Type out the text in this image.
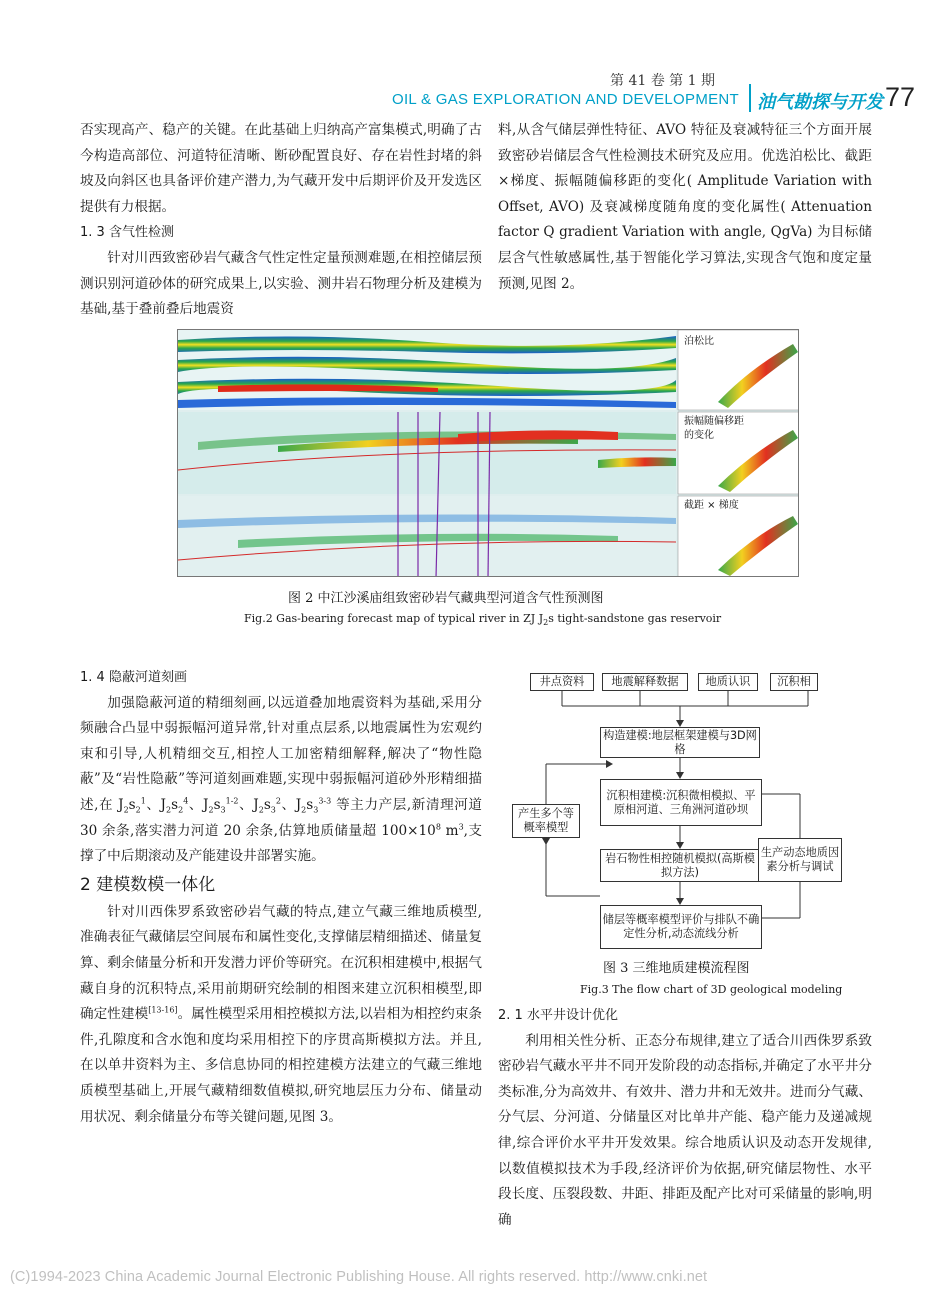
第 41 卷 第 1 期
OIL & GAS EXPLORATION AND DEVELOPMENT 油气勘探与开发 77

否实现高产、稳产的关键。在此基础上归纳高产富集模式,明确了古今构造高部位、河道特征清晰、断砂配置良好、存在岩性封堵的斜坡及向斜区也具备评价建产潜力,为气藏开发中后期评价及开发选区提供有力根据。

1. 3 含气性检测

针对川西致密砂岩气藏含气性定性定量预测难题,在相控储层预测识别河道砂体的研究成果上,以实验、测井岩石物理分析及建模为基础,基于叠前叠后地震资

料,从含气储层弹性特征、AVO 特征及衰减特征三个方面开展致密砂岩储层含气性检测技术研究及应用。优选泊松比、截距×梯度、振幅随偏移距的变化( Amplitude Variation with Offset, AVO) 及衰减梯度随角度的变化属性( Attenuation factor Q gradient Variation with angle, QgVa) 为目标储层含气性敏感属性,基于智能化学习算法,实现含气饱和度定量预测,见图 2。

泊松比
振幅随偏移距
的变化
截距 × 梯度
图 2 中江沙溪庙组致密砂岩气藏典型河道含气性预测图
Fig.2 Gas-bearing forecast map of typical river in ZJ $J_2s$ tight-sandstone gas reservoir

1. 4 隐蔽河道刻画

加强隐蔽河道的精细刻画,以远道叠加地震资料为基础,采用分频融合凸显中弱振幅河道异常,针对重点层系,以地震属性为宏观约束和引导,人机精细交互,相控人工加密精细解释,解决了“物性隐蔽”及“岩性隐蔽”等河道刻画难题,实现中弱振幅河道砂外形精细描述,在 $J_2s_2^1$、$J_2s_2^4$、$J_2s_3^{1-2}$、$J_2s_3^2$、$J_2s_3^{3-3}$ 等主力产层,新清理河道 30 余条,落实潜力河道 20 余条,估算地质储量超 $100\times 10^8$ $m^3$,支撑了中后期滚动及产能建设井部署实施。

2 建模数模一体化

针对川西侏罗系致密砂岩气藏的特点,建立气藏三维地质模型,准确表征气藏储层空间展布和属性变化,支撑储层精细描述、储量复算、剩余储量分析和开发潜力评价等研究。在沉积相建模中,根据气藏自身的沉积特点,采用前期研究绘制的相图来建立沉积相模型,即确定性建模[13-16]。属性模型采用相控模拟方法,以岩相为相控约束条件,孔隙度和含水饱和度均采用相控下的序贯高斯模拟方法。并且,在以单井资料为主、多信息协同的相控建模方法建立的气藏三维地质模型基础上,开展气藏精细数值模拟,研究地层压力分布、储量动用状况、剩余储量分布等关键问题,见图 3。

井点资料	地震解释数据	地质认识	沉积相
构造建模:地层框架建模与3D网格
沉积相建模:沉积微相模拟、平原相河道、三角洲河道砂坝
产生多个等概率模型
岩石物性相控随机模拟(高斯模拟方法)
生产动态地质因素分析与调试
储层等概率模型评价与排队不确定性分析,动态流线分析
图 3 三维地质建模流程图
Fig.3 The flow chart of 3D geological modeling

2. 1 水平井设计优化

利用相关性分析、正态分布规律,建立了适合川西侏罗系致密砂岩气藏水平井不同开发阶段的动态指标,并确定了水平井分类标准,分为高效井、有效井、潜力井和无效井。进而分气藏、分气层、分河道、分储量区对比单井产能、稳产能力及递减规律,综合评价水平井开发效果。综合地质认识及动态开发规律,以数值模拟技术为手段,经济评价为依据,研究储层物性、水平段长度、压裂段数、井距、排距及配产比对可采储量的影响,明确

(C)1994-2023 China Academic Journal Electronic Publishing House. All rights reserved. http://www.cnki.net
